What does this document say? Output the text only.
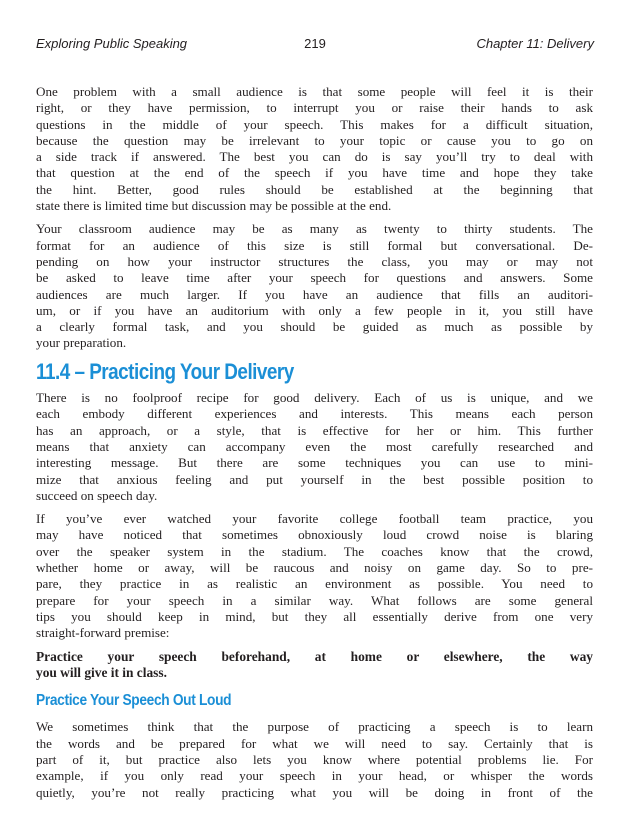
Exploring Public Speaking	219	Chapter 11: Delivery

One problem with a small audience is that some people will feel it is their
right, or they have permission, to interrupt you or raise their hands to ask
questions in the middle of your speech. This makes for a difficult situation,
because the question may be irrelevant to your topic or cause you to go on
a side track if answered. The best you can do is say you’ll try to deal with
that question at the end of the speech if you have time and hope they take
the hint. Better, good rules should be established at the beginning that
state there is limited time but discussion may be possible at the end.

Your classroom audience may be as many as twenty to thirty students. The
format for an audience of this size is still formal but conversational. De-
pending on how your instructor structures the class, you may or may not
be asked to leave time after your speech for questions and answers. Some
audiences are much larger. If you have an audience that fills an auditori-
um, or if you have an auditorium with only a few people in it, you still have
a clearly formal task, and you should be guided as much as possible by
your preparation.

11.4 – Practicing Your Delivery

There is no foolproof recipe for good delivery. Each of us is unique, and we
each embody different experiences and interests. This means each person
has an approach, or a style, that is effective for her or him. This further
means that anxiety can accompany even the most carefully researched and
interesting message. But there are some techniques you can use to mini-
mize that anxious feeling and put yourself in the best possible position to
succeed on speech day.

If you’ve ever watched your favorite college football team practice, you
may have noticed that sometimes obnoxiously loud crowd noise is blaring
over the speaker system in the stadium. The coaches know that the crowd,
whether home or away, will be raucous and noisy on game day. So to pre-
pare, they practice in as realistic an environment as possible. You need to
prepare for your speech in a similar way. What follows are some general
tips you should keep in mind, but they all essentially derive from one very
straight-forward premise:

Practice your speech beforehand, at home or elsewhere, the way
you will give it in class.

Practice Your Speech Out Loud

We sometimes think that the purpose of practicing a speech is to learn
the words and be prepared for what we will need to say. Certainly that is
part of it, but practice also lets you know where potential problems lie. For
example, if you only read your speech in your head, or whisper the words
quietly, you’re not really practicing what you will be doing in front of the
